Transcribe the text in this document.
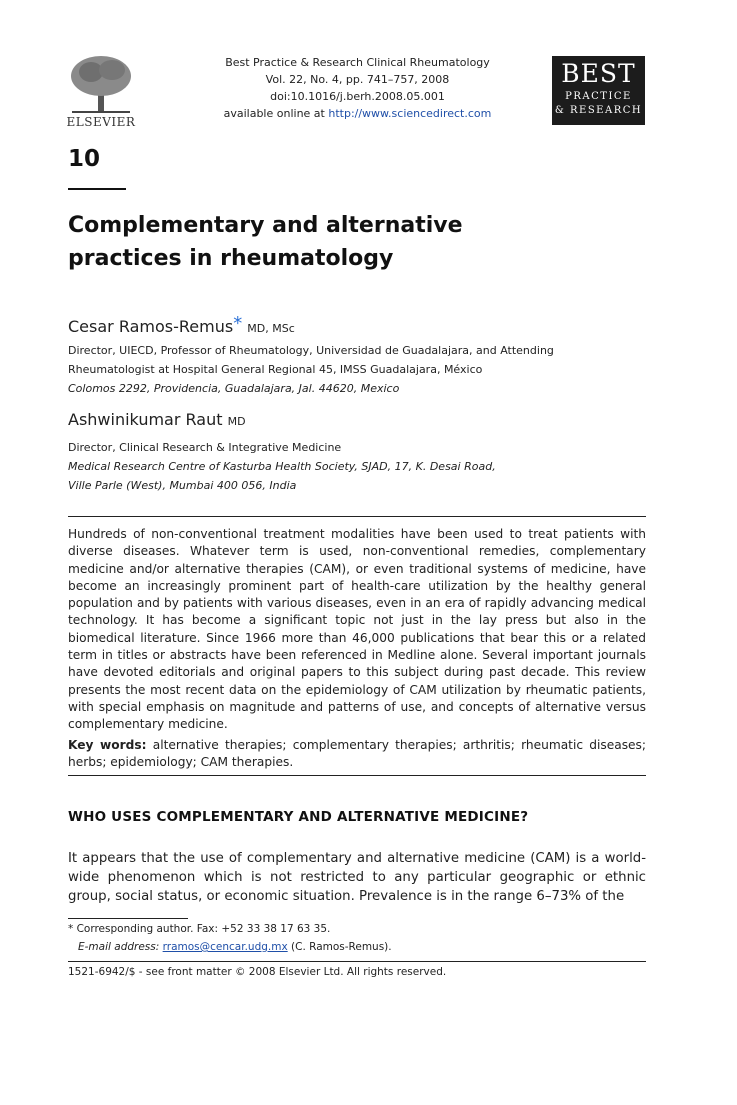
ELSEVIER
Best Practice & Research Clinical Rheumatology
Vol. 22, No. 4, pp. 741–757, 2008
doi:10.1016/j.berh.2008.05.001
available online at http://www.sciencedirect.com
BEST
PRACTICE
& RESEARCH
10
Complementary and alternative
practices in rheumatology
Cesar Ramos-Remus* MD, MSc
Director, UIECD, Professor of Rheumatology, Universidad de Guadalajara, and Attending
Rheumatologist at Hospital General Regional 45, IMSS Guadalajara, México
Colomos 2292, Providencia, Guadalajara, Jal. 44620, Mexico
Ashwinikumar Raut MD
Director, Clinical Research & Integrative Medicine
Medical Research Centre of Kasturba Health Society, SJAD, 17, K. Desai Road,
Ville Parle (West), Mumbai 400 056, India
Hundreds of non-conventional treatment modalities have been used to treat patients with diverse diseases. Whatever term is used, non-conventional remedies, complementary medicine and/or alternative therapies (CAM), or even traditional systems of medicine, have become an increasingly prominent part of health-care utilization by the healthy general population and by patients with various diseases, even in an era of rapidly advancing medical technology. It has become a significant topic not just in the lay press but also in the biomedical literature. Since 1966 more than 46,000 publications that bear this or a related term in titles or abstracts have been referenced in Medline alone. Several important journals have devoted editorials and original papers to this subject during past decade. This review presents the most recent data on the epidemiology of CAM utilization by rheumatic patients, with special emphasis on magnitude and patterns of use, and concepts of alternative versus complementary medicine.
Key words: alternative therapies; complementary therapies; arthritis; rheumatic diseases; herbs; epidemiology; CAM therapies.
WHO USES COMPLEMENTARY AND ALTERNATIVE MEDICINE?
It appears that the use of complementary and alternative medicine (CAM) is a world-wide phenomenon which is not restricted to any particular geographic or ethnic group, social status, or economic situation. Prevalence is in the range 6–73% of the
* Corresponding author. Fax: +52 33 38 17 63 35.
E-mail address: rramos@cencar.udg.mx (C. Ramos-Remus).
1521-6942/$ - see front matter © 2008 Elsevier Ltd. All rights reserved.
